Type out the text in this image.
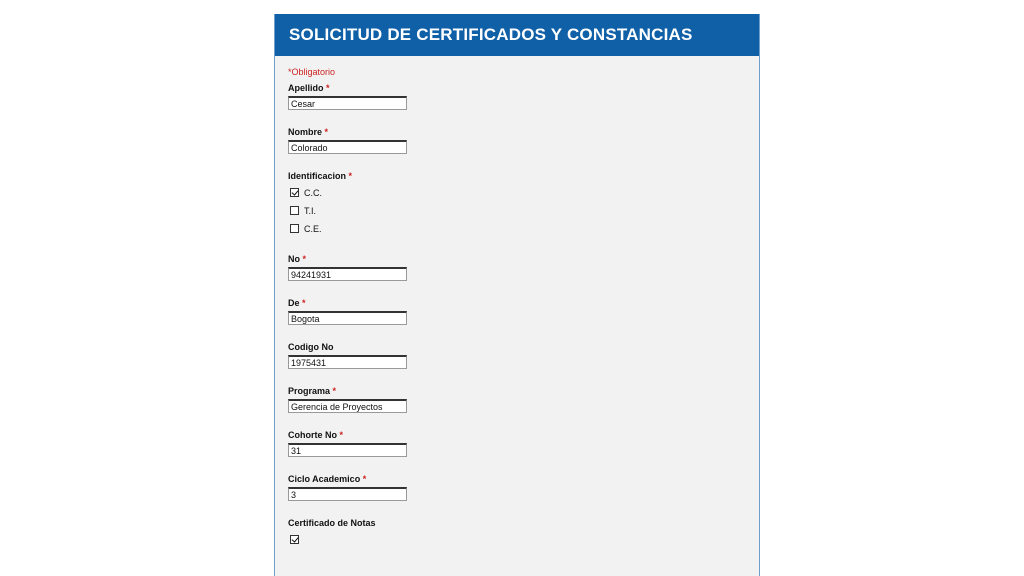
SOLICITUD DE CERTIFICADOS Y CONSTANCIAS
*Obligatorio
Apellido *
Cesar
Nombre *
Colorado
Identificacion *
C.C.
T.I.
C.E.
No *
94241931
De *
Bogota
Codigo No
1975431
Programa *
Gerencia de Proyectos
Cohorte No *
31
Ciclo Academico *
3
Certificado de Notas
